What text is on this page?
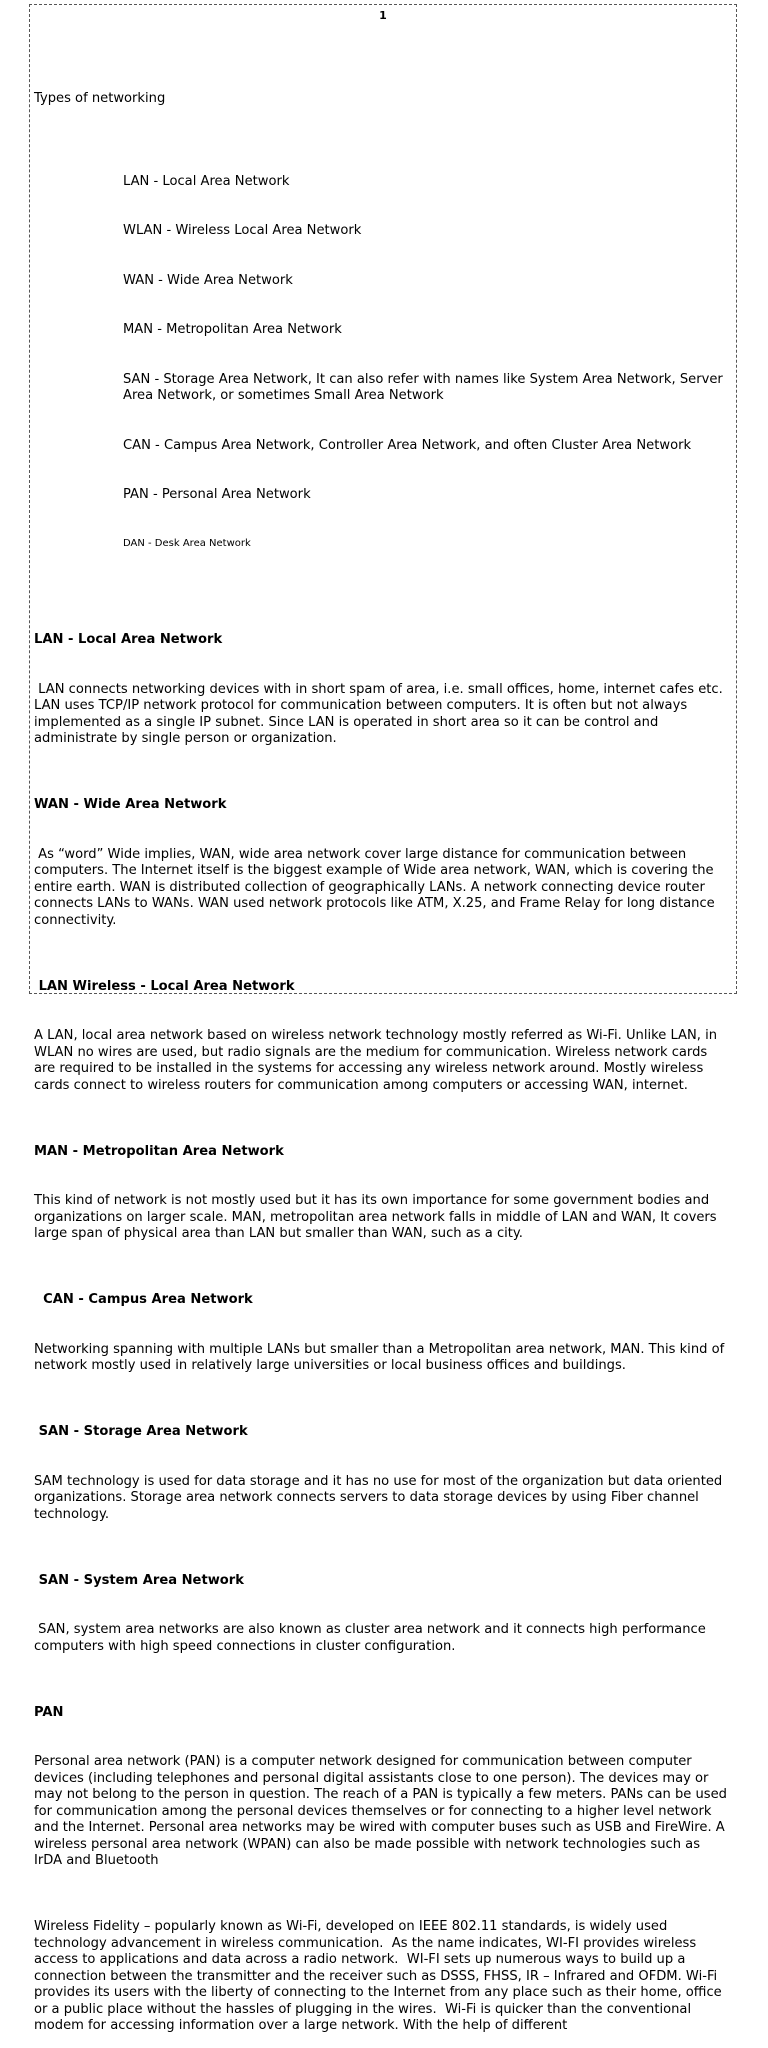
1

Types of networking

LAN - Local Area Network

WLAN - Wireless Local Area Network

WAN - Wide Area Network

MAN - Metropolitan Area Network

SAN - Storage Area Network, It can also refer with names like System Area Network, Server Area Network, or sometimes Small Area Network

CAN - Campus Area Network, Controller Area Network, and often Cluster Area Network

PAN - Personal Area Network

DAN - Desk Area Network

LAN - Local Area Network

LAN connects networking devices with in short spam of area, i.e. small offices, home, internet cafes etc. LAN uses TCP/IP network protocol for communication between computers. It is often but not always implemented as a single IP subnet. Since LAN is operated in short area so it can be control and administrate by single person or organization.

WAN - Wide Area Network

As “word” Wide implies, WAN, wide area network cover large distance for communication between computers. The Internet itself is the biggest example of Wide area network, WAN, which is covering the entire earth. WAN is distributed collection of geographically LANs. A network connecting device router connects LANs to WANs. WAN used network protocols like ATM, X.25, and Frame Relay for long distance connectivity.

LAN Wireless - Local Area Network

A LAN, local area network based on wireless network technology mostly referred as Wi-Fi. Unlike LAN, in   WLAN no wires are used, but radio signals are the medium for communication. Wireless network cards are required to be installed in the systems for accessing any wireless network around. Mostly wireless cards connect to wireless routers for communication among computers or accessing WAN, internet.

MAN - Metropolitan Area Network

This kind of network is not mostly used but it has its own importance for some government bodies and organizations on larger scale. MAN, metropolitan area network falls in middle of LAN and WAN, It covers large span of physical area than LAN but smaller than WAN, such as a city.

CAN - Campus Area Network

Networking spanning with multiple LANs but smaller than a Metropolitan area network, MAN. This kind of network mostly used in relatively large universities or local business offices and buildings.

SAN - Storage Area Network

SAM technology is used for data storage and it has no use for most of the organization but data oriented organizations. Storage area network connects servers to data storage devices by using Fiber channel technology.

SAN - System Area Network

SAN, system area networks are also known as cluster area network and it connects high performance computers with high speed connections in cluster configuration.

PAN

Personal area network (PAN) is a computer network designed for communication between computer devices (including telephones and personal digital assistants close to one person). The devices may or may not belong to the person in question. The reach of a PAN is typically a few meters. PANs can be used for communication among the personal devices themselves or for connecting to a higher level network and the Internet. Personal area networks may be wired with computer buses such as USB and FireWire. A wireless personal area network (WPAN) can also be made possible with network technologies such as IrDA and Bluetooth

Wireless Fidelity – popularly known as Wi-Fi, developed on IEEE 802.11 standards, is widely used technology advancement in wireless communication.  As the name indicates, WI-FI provides wireless access to applications and data across a radio network.  WI-FI sets up numerous ways to build up a connection between the transmitter and the receiver such as DSSS, FHSS, IR – Infrared and OFDM. Wi-Fi provides its users with the liberty of connecting to the Internet from any place such as their home, office or a public place without the hassles of plugging in the wires.  Wi-Fi is quicker than the conventional modem for accessing information over a large network. With the help of different
